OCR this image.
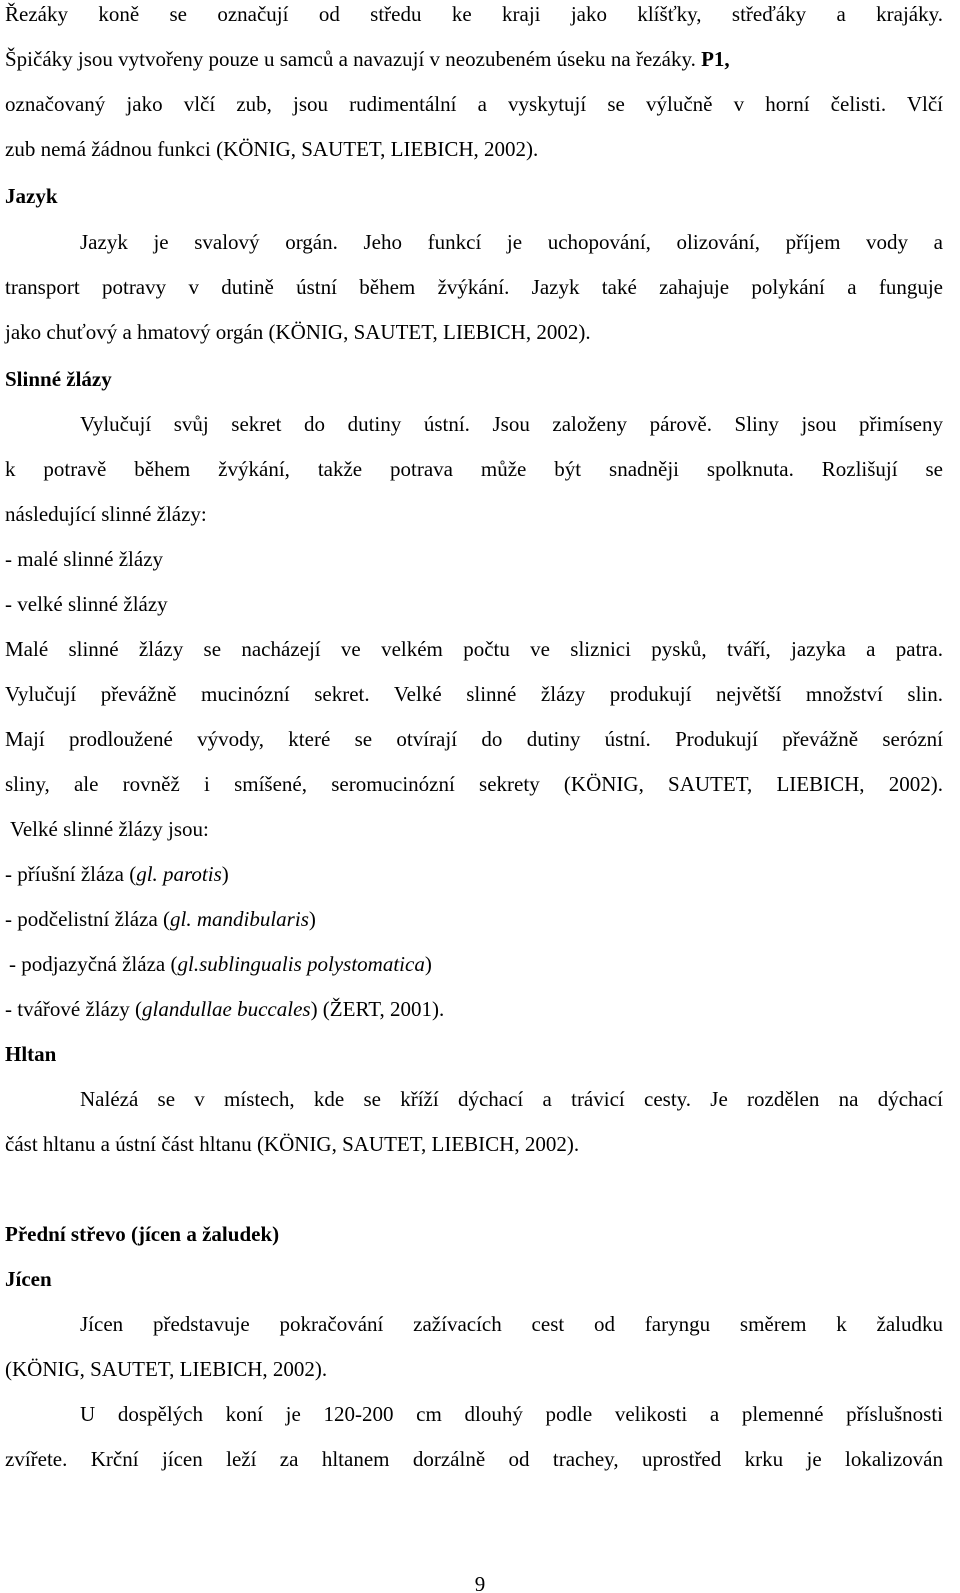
Řezáky koně se označují od středu ke kraji jako klíšťky, střeďáky a krajáky.
Špičáky jsou vytvořeny pouze u samců a navazují v neozubeném úseku na řezáky. P1,
označovaný jako vlčí zub, jsou rudimentální a vyskytují se výlučně v horní čelisti. Vlčí
zub nemá žádnou funkci (KÖNIG, SAUTET, LIEBICH, 2002).
Jazyk
Jazyk je svalový orgán. Jeho funkcí je uchopování, olizování, příjem vody a
transport potravy v dutině ústní během žvýkání. Jazyk také zahajuje polykání a funguje
jako chuťový a hmatový orgán (KÖNIG, SAUTET, LIEBICH, 2002).
Slinné žlázy
Vylučují svůj sekret do dutiny ústní. Jsou založeny párově. Sliny jsou přimíseny
k potravě během žvýkání, takže potrava může být snadněji spolknuta. Rozlišují se
následující slinné žlázy:
- malé slinné žlázy
- velké slinné žlázy
Malé slinné žlázy se nacházejí ve velkém počtu ve sliznici pysků, tváří, jazyka a patra.
Vylučují převážně mucinózní sekret. Velké slinné žlázy produkují největší množství slin.
Mají prodloužené vývody, které se otvírají do dutiny ústní. Produkují převážně serózní
sliny, ale rovněž i smíšené, seromucinózní sekrety (KÖNIG, SAUTET, LIEBICH, 2002).
Velké slinné žlázy jsou:
- příušní žláza (gl. parotis)
- podčelistní žláza (gl. mandibularis)
- podjazyčná žláza (gl.sublingualis polystomatica)
- tvářové žlázy (glandullae buccales) (ŽERT, 2001).
Hltan
Nalézá se v místech, kde se kříží dýchací a trávicí cesty. Je rozdělen na dýchací
část hltanu a ústní část hltanu (KÖNIG, SAUTET, LIEBICH, 2002).
Přední střevo (jícen a žaludek)
Jícen
Jícen představuje pokračování zažívacích cest od faryngu směrem k žaludku
(KÖNIG, SAUTET, LIEBICH, 2002).
U dospělých koní je 120-200 cm dlouhý podle velikosti a plemenné příslušnosti
zvířete. Krční jícen leží za hltanem dorzálně od trachey, uprostřed krku je lokalizován
9
